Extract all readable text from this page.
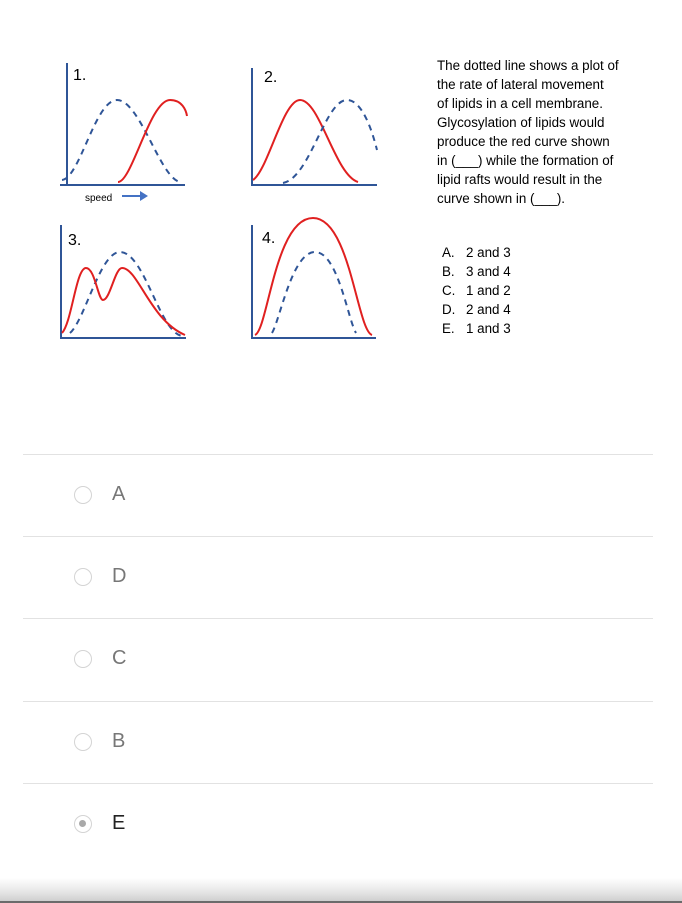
1.
speed
2.
3.	4.
The dotted line shows a plot of
the rate of lateral movement
of lipids in a cell membrane.
Glycosylation of lipids would
produce the red curve shown
in (___) while the formation of
lipid rafts would result in the
curve shown in (___).
A. 2 and 3
B. 3 and 4
C. 1 and 2
D. 2 and 4
E. 1 and 3
A
D
C
B
E
